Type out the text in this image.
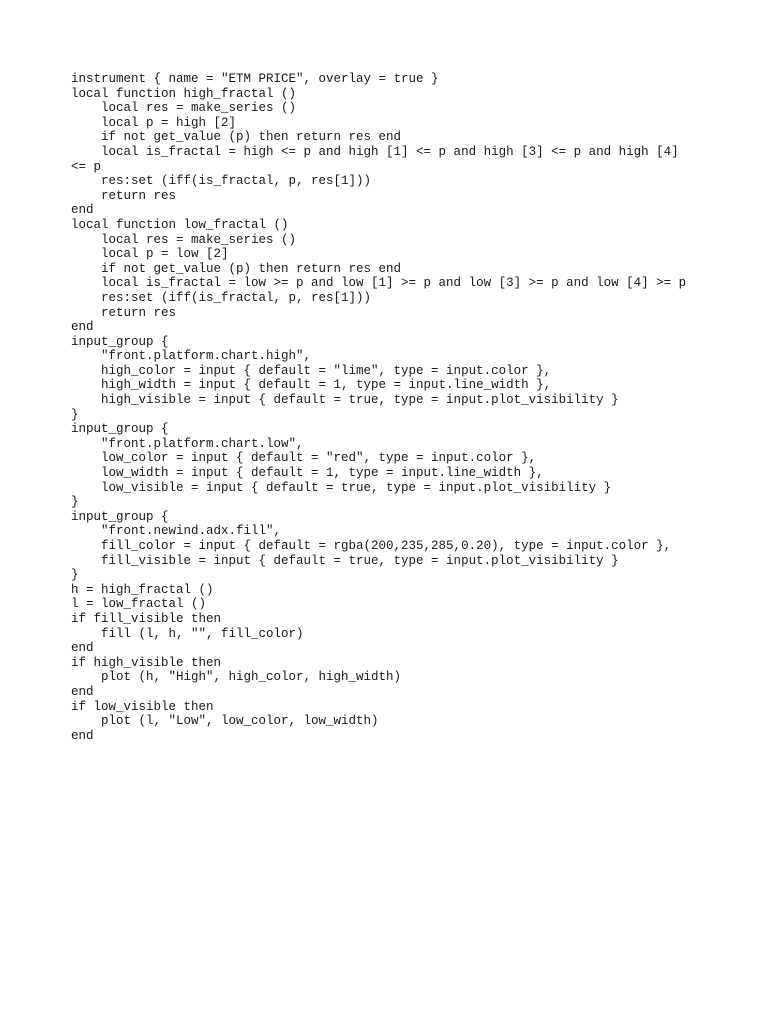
instrument { name = "ETM PRICE", overlay = true }
local function high_fractal ()
local res = make_series ()
local p = high [2]
if not get_value (p) then return res end
local is_fractal = high <= p and high [1] <= p and high [3] <= p and high [4]
<= p
res:set (iff(is_fractal, p, res[1]))
return res
end
local function low_fractal ()
local res = make_series ()
local p = low [2]
if not get_value (p) then return res end
local is_fractal = low >= p and low [1] >= p and low [3] >= p and low [4] >= p
res:set (iff(is_fractal, p, res[1]))
return res
end
input_group {
"front.platform.chart.high",
high_color = input { default = "lime", type = input.color },
high_width = input { default = 1, type = input.line_width },
high_visible = input { default = true, type = input.plot_visibility }
}
input_group {
"front.platform.chart.low",
low_color = input { default = "red", type = input.color },
low_width = input { default = 1, type = input.line_width },
low_visible = input { default = true, type = input.plot_visibility }
}
input_group {
"front.newind.adx.fill",
fill_color = input { default = rgba(200,235,285,0.20), type = input.color },
fill_visible = input { default = true, type = input.plot_visibility }
}
h = high_fractal ()
l = low_fractal ()
if fill_visible then
fill (l, h, "", fill_color)
end
if high_visible then
plot (h, "High", high_color, high_width)
end
if low_visible then
plot (l, "Low", low_color, low_width)
end
